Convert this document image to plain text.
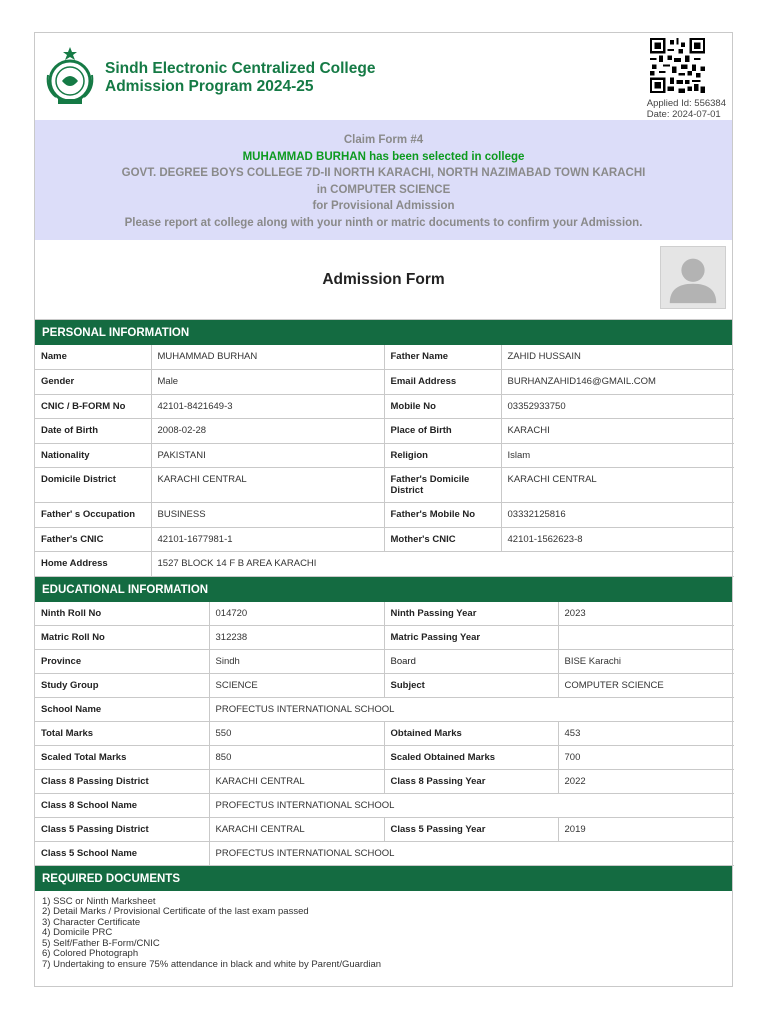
Sindh Electronic Centralized College
Admission Program 2024-25
Applied Id: 556384
Date: 2024-07-01
Claim Form #4
MUHAMMAD BURHAN has been selected in college
GOVT. DEGREE BOYS COLLEGE 7D-II NORTH KARACHI, NORTH NAZIMABAD TOWN KARACHI
in COMPUTER SCIENCE
for Provisional Admission
Please report at college along with your ninth or matric documents to confirm your Admission.
Admission Form
PERSONAL INFORMATION
Name	MUHAMMAD BURHAN	Father Name	ZAHID HUSSAIN
Gender	Male	Email Address	BURHANZAHID146@GMAIL.COM
CNIC / B-FORM No	42101-8421649-3	Mobile No	03352933750
Date of Birth	2008-02-28	Place of Birth	KARACHI
Nationality	PAKISTANI	Religion	Islam
Domicile District	KARACHI CENTRAL	Father's Domicile District	KARACHI CENTRAL
Father' s Occupation	BUSINESS	Father's Mobile No	03332125816
Father's CNIC	42101-1677981-1	Mother's CNIC	42101-1562623-8
Home Address	1527 BLOCK 14 F B AREA KARACHI		
EDUCATIONAL INFORMATION
Ninth Roll No	014720	Ninth Passing Year	2023
Matric Roll No	312238	Matric Passing Year	
Province	Sindh	Board	BISE Karachi
Study Group	SCIENCE	Subject	COMPUTER SCIENCE
School Name	PROFECTUS INTERNATIONAL SCHOOL		
Total Marks	550	Obtained Marks	453
Scaled Total Marks	850	Scaled Obtained Marks	700
Class 8 Passing District	KARACHI CENTRAL	Class 8 Passing Year	2022
Class 8 School Name	PROFECTUS INTERNATIONAL SCHOOL		
Class 5 Passing District	KARACHI CENTRAL	Class 5 Passing Year	2019
Class 5 School Name	PROFECTUS INTERNATIONAL SCHOOL		
REQUIRED DOCUMENTS
1) SSC or Ninth Marksheet
2) Detail Marks / Provisional Certificate of the last exam passed
3) Character Certificate
4) Domicile PRC
5) Self/Father B-Form/CNIC
6) Colored Photograph
7) Undertaking to ensure 75% attendance in black and white by Parent/Guardian
